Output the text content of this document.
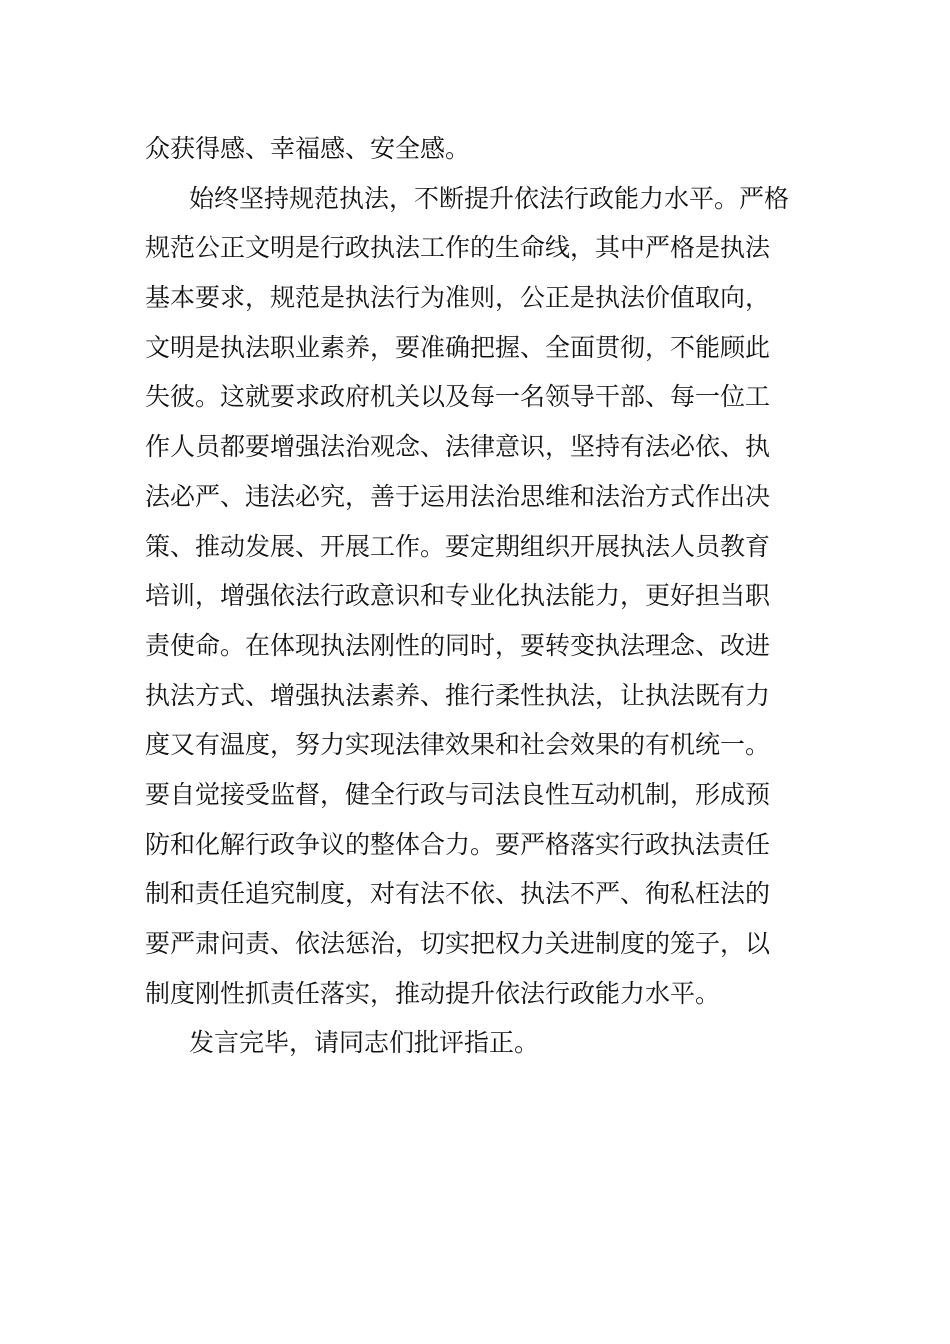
众获得感、幸福感、安全感。
始终坚持规范执法，不断提升依法行政能力水平。严格
规范公正文明是行政执法工作的生命线，其中严格是执法
基本要求，规范是执法行为准则，公正是执法价值取向，
文明是执法职业素养，要准确把握、全面贯彻，不能顾此
失彼。这就要求政府机关以及每一名领导干部、每一位工
作人员都要增强法治观念、法律意识，坚持有法必依、执
法必严、违法必究，善于运用法治思维和法治方式作出决
策、推动发展、开展工作。要定期组织开展执法人员教育
培训，增强依法行政意识和专业化执法能力，更好担当职
责使命。在体现执法刚性的同时，要转变执法理念、改进
执法方式、增强执法素养、推行柔性执法，让执法既有力
度又有温度，努力实现法律效果和社会效果的有机统一。
要自觉接受监督，健全行政与司法良性互动机制，形成预
防和化解行政争议的整体合力。要严格落实行政执法责任
制和责任追究制度，对有法不依、执法不严、徇私枉法的
要严肃问责、依法惩治，切实把权力关进制度的笼子，以
制度刚性抓责任落实，推动提升依法行政能力水平。
发言完毕，请同志们批评指正。
